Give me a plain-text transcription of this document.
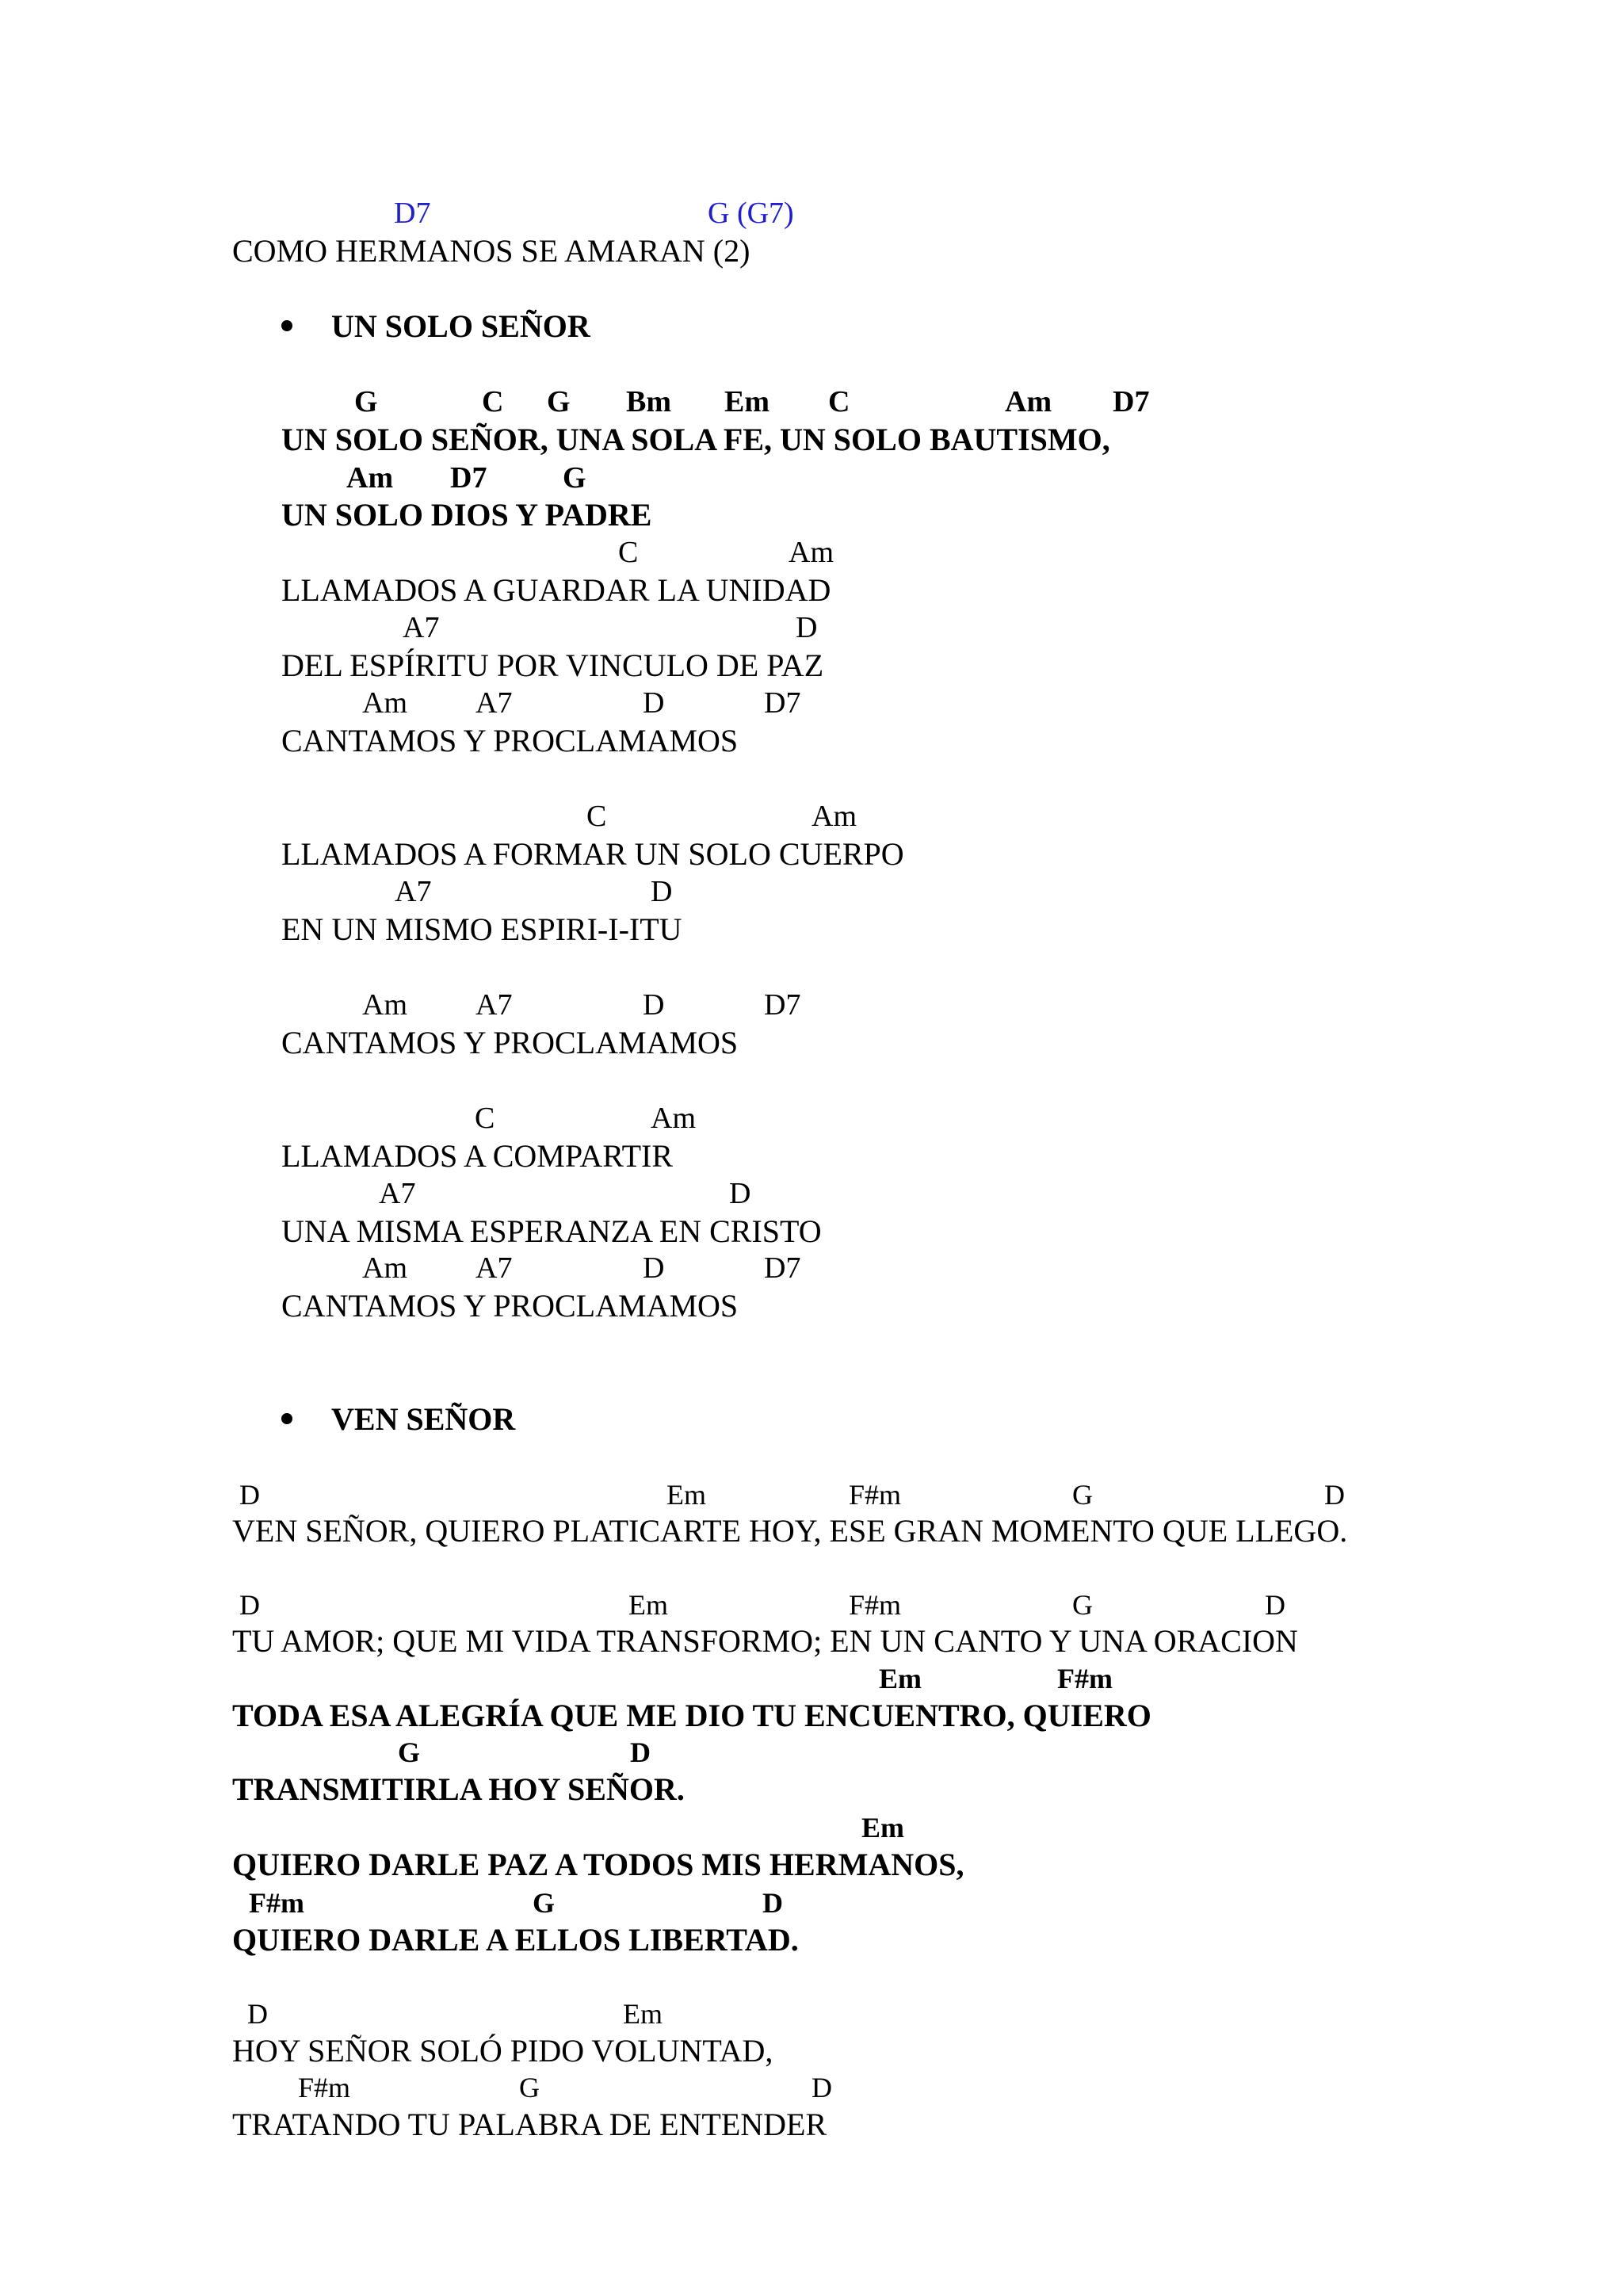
D7	G (G7)
COMO HERMANOS SE AMARAN (2)
UN SOLO SEÑOR
G	C G Bm Em C	Am D7
UN SOLO SEÑOR, UNA SOLA FE, UN SOLO BAUTISMO,
Am D7	G
UN SOLO DIOS Y PADRE
C	Am
LLAMADOS A GUARDAR LA UNIDAD
A7	D
DEL ESPÍRITU POR VINCULO DE PAZ
Am A7	D	D7
CANTAMOS Y PROCLAMAMOS
C	Am
LLAMADOS A FORMAR UN SOLO CUERPO
A7	D
EN UN MISMO ESPIRI-I-ITU
Am A7	D	D7
CANTAMOS Y PROCLAMAMOS
C	Am
LLAMADOS A COMPARTIR
A7	D
UNA MISMA ESPERANZA EN CRISTO
Am A7	D	D7
CANTAMOS Y PROCLAMAMOS
VEN SEÑOR
D	Em	F#m	G	D
VEN SEÑOR, QUIERO PLATICARTE HOY, ESE GRAN MOMENTO QUE LLEGO.
D	Em	F#m	G	D
TU AMOR; QUE MI VIDA TRANSFORMO; EN UN CANTO Y UNA ORACION
Em	F#m
TODA ESA ALEGRÍA QUE ME DIO TU ENCUENTRO, QUIERO
G	D
TRANSMITIRLA HOY SEÑOR.
Em
QUIERO DARLE PAZ A TODOS MIS HERMANOS,
F#m	G	D
QUIERO DARLE A ELLOS LIBERTAD.
D	Em
HOY SEÑOR SOLÓ PIDO VOLUNTAD,
F#m	G	D
TRATANDO TU PALABRA DE ENTENDER
